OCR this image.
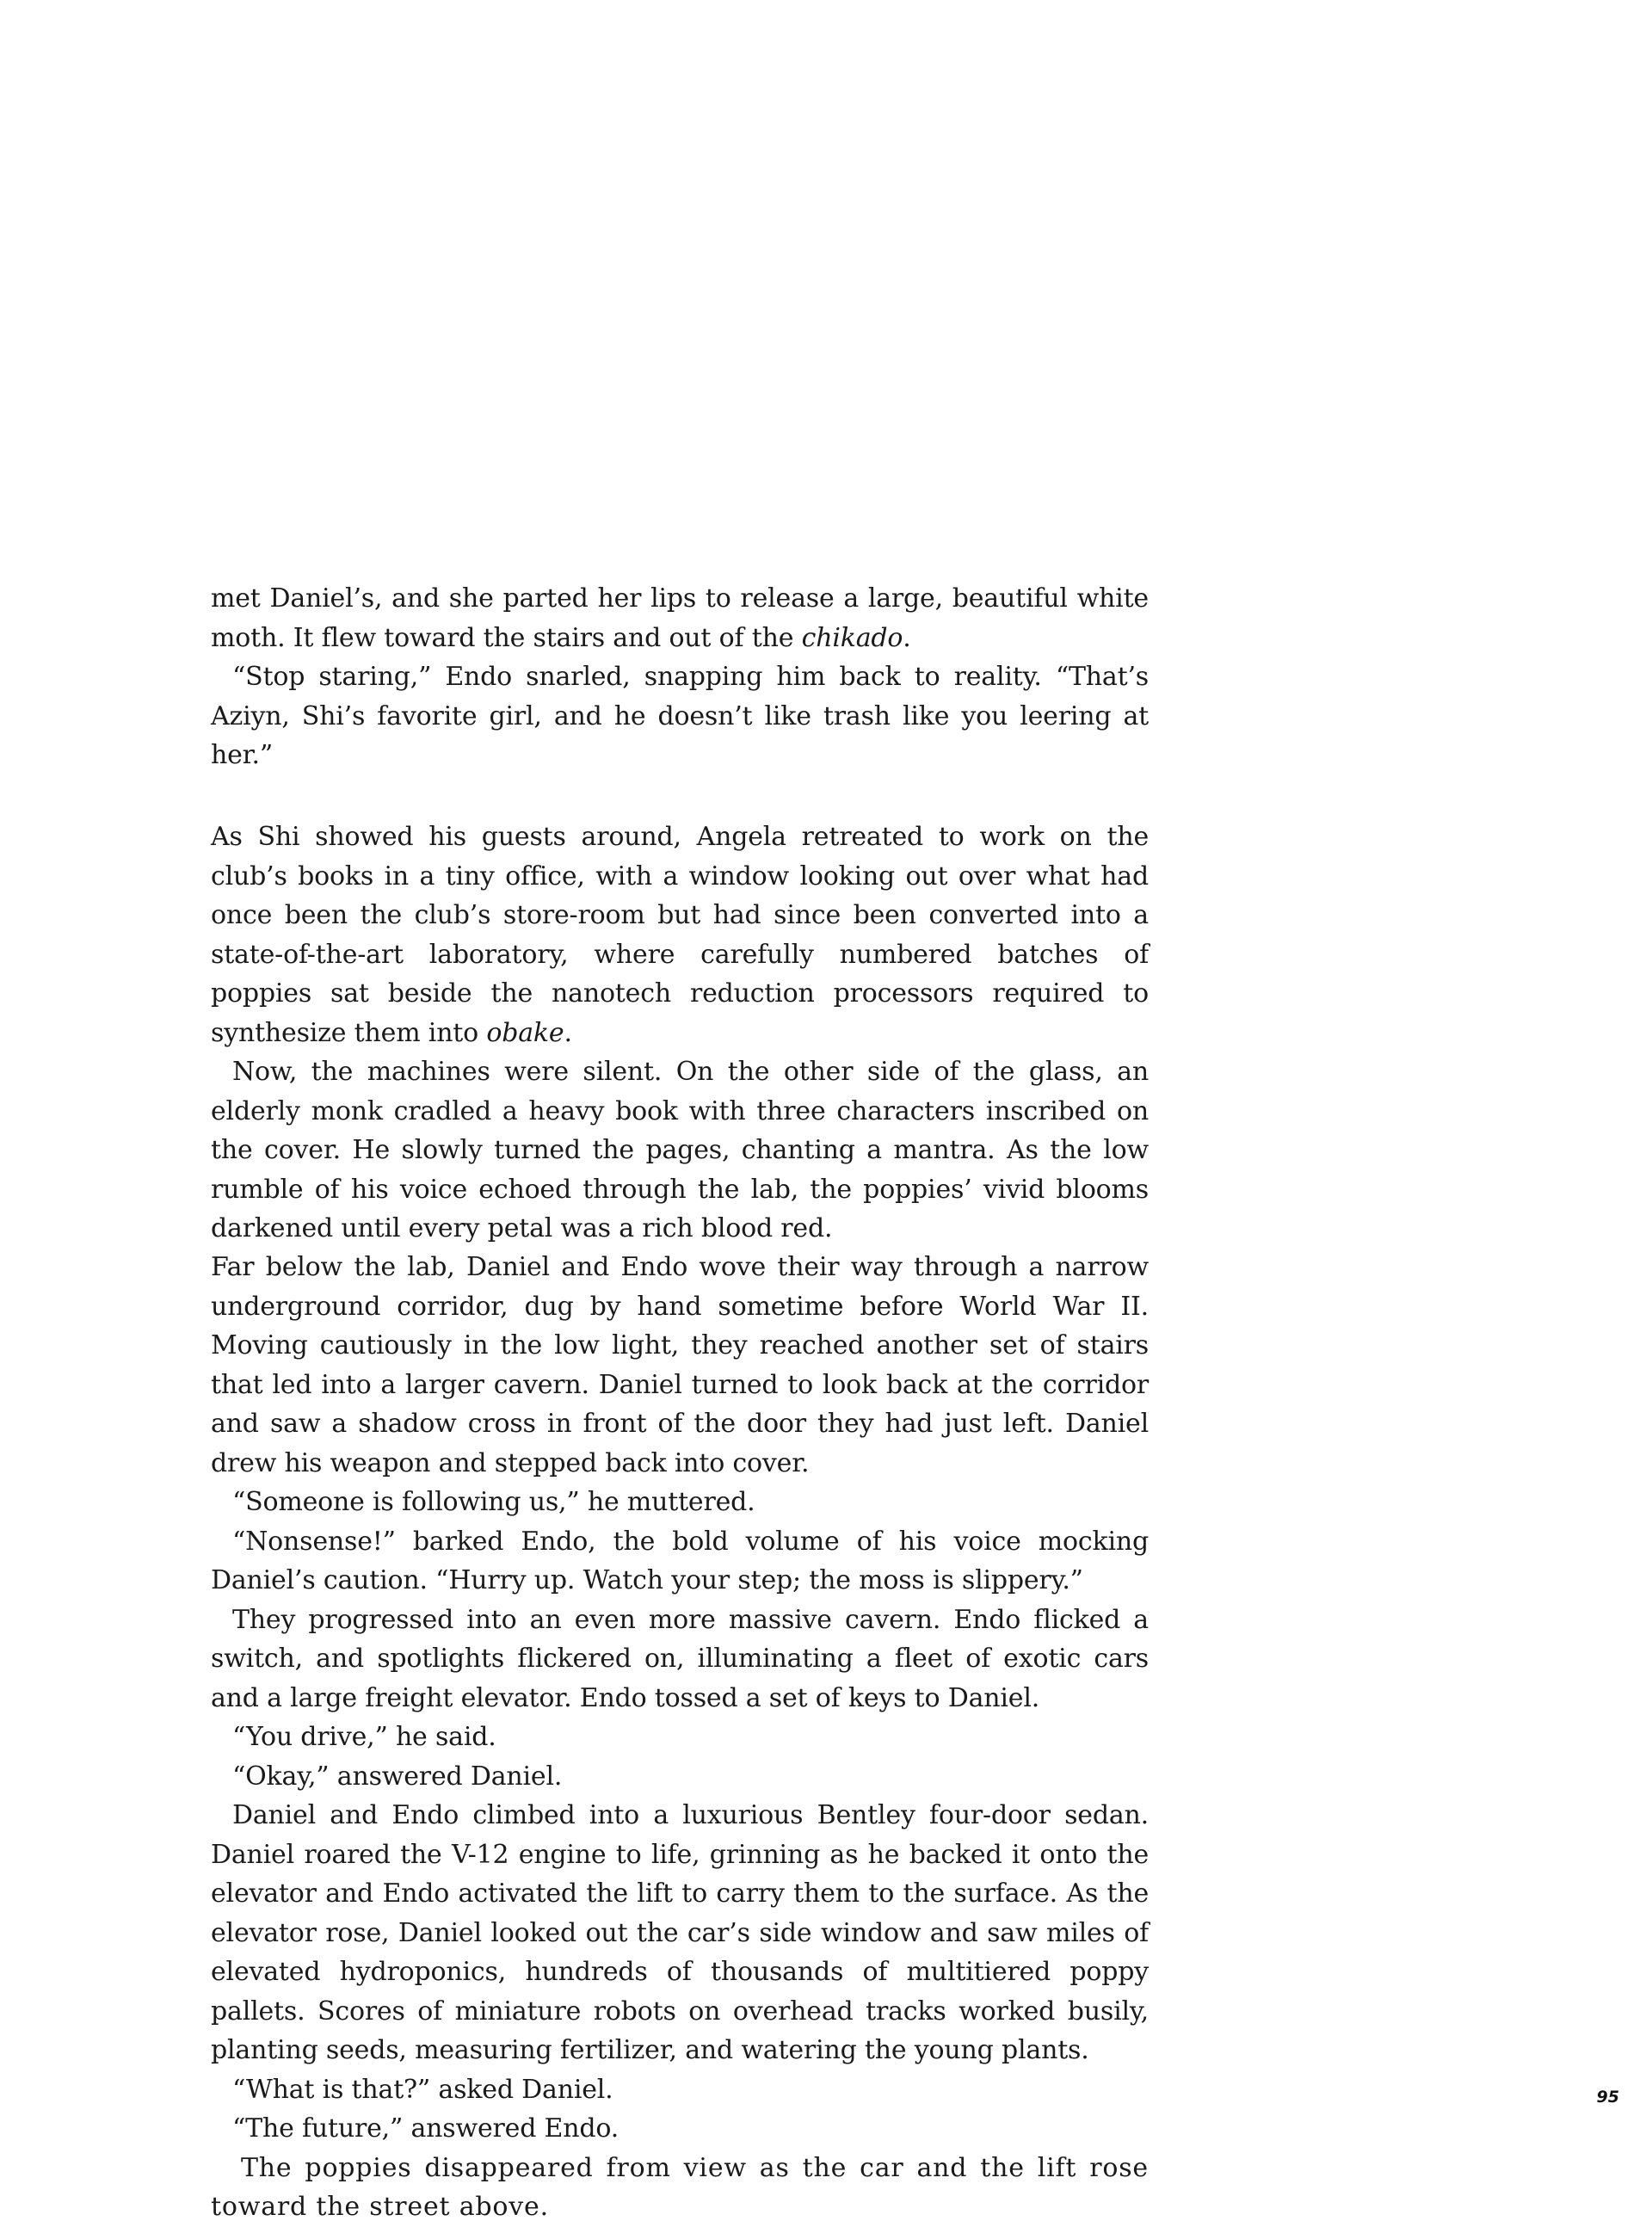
met Daniel’s, and she parted her lips to release a large, beautiful white moth. It flew toward the stairs and out of the chikado.

“Stop staring,” Endo snarled, snapping him back to reality. “That’s Aziyn, Shi’s favorite girl, and he doesn’t like trash like you leering at her.”

As Shi showed his guests around, Angela retreated to work on the club’s books in a tiny office, with a window looking out over what had once been the club’s store-room but had since been converted into a state-of-the-art laboratory, where carefully numbered batches of poppies sat beside the nanotech reduction processors required to synthesize them into obake.

Now, the machines were silent. On the other side of the glass, an elderly monk cradled a heavy book with three characters inscribed on the cover. He slowly turned the pages, chanting a mantra. As the low rumble of his voice echoed through the lab, the poppies’ vivid blooms darkened until every petal was a rich blood red.

Far below the lab, Daniel and Endo wove their way through a narrow underground corridor, dug by hand sometime before World War II. Moving cautiously in the low light, they reached another set of stairs that led into a larger cavern. Daniel turned to look back at the corridor and saw a shadow cross in front of the door they had just left. Daniel drew his weapon and stepped back into cover.

“Someone is following us,” he muttered.

“Nonsense!” barked Endo, the bold volume of his voice mocking Daniel’s caution. “Hurry up. Watch your step; the moss is slippery.”

They progressed into an even more massive cavern. Endo flicked a switch, and spotlights flickered on, illuminating a fleet of exotic cars and a large freight elevator. Endo tossed a set of keys to Daniel.

“You drive,” he said.

“Okay,” answered Daniel.

Daniel and Endo climbed into a luxurious Bentley four-door sedan. Daniel roared the V-12 engine to life, grinning as he backed it onto the elevator and Endo activated the lift to carry them to the surface. As the elevator rose, Daniel looked out the car’s side window and saw miles of elevated hydroponics, hundreds of thousands of multitiered poppy pallets. Scores of miniature robots on overhead tracks worked busily, planting seeds, measuring fertilizer, and watering the young plants.

“What is that?” asked Daniel.

“The future,” answered Endo.

The poppies disappeared from view as the car and the lift rose toward the street above.

95
